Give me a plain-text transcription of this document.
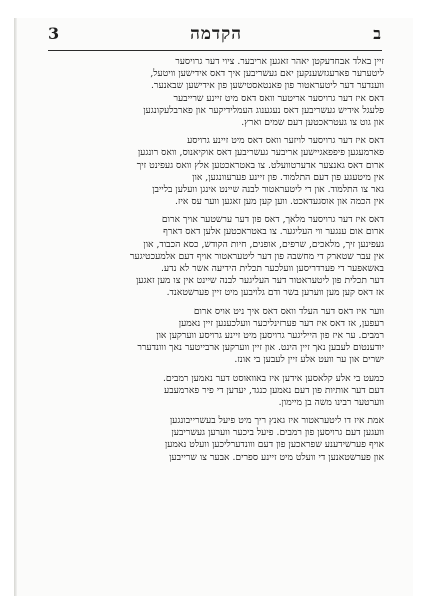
ב
הקדמה
3
זיין באלד אבחדעקטן יאהר זאגען אריבער. ציוי דער גרויסער
ליטערער פארעגזשענקען יאם געשריבען איך דאס אידישען וויטעל,
ווענדער דער ליטעראטור פון פאנטאסטישען פון אידישען שבאנער.
דאס איז דער גרויסער אריטער וואס דאס מיט זיינע שרייבער
פלעגל אידיש געשריבען דאס נעגענוג העמלידיקער און פארבלעקונגען
און גוט צו געטראכטען דעם שמים וארץ.
דאס איז דער גרויסער לויזער וואס דאס מיט זיינע גרויסע
פארמעגען פיפפאגיישען אריבער געשריבען דאס אוקיאנוס, וואס רונגען
ארום דאס גאנצער אדערטוועלט. צו באטראכטען אלץ וואס געפינט זיך
אין מיטעגע פון דעם התלמוד. פון זיינע פערעוונגען, און
גאר צו התלמוד. און די ליטעראטור לבנה שיינט אינגן וועלען בלייבן
אין הכמה און אוסגעדאכט. ווען קען מען זאגען ווער עס איז.
דאס איז דער גרויסער מלאך, דאס פון דער ערשטער אויך ארום
ארום אום ענגער ווי העליגער. צו באטראכטען אלען דאס דארף
געפינען זיך, מלאכים, שרפים, אופנים, חיות הקודש, כסא הכבוד, און
אין עבר שטארק די מחשבה פון דער ליטעראטור אויף דעם אלמעכטיגער
באשאפער די פערדריסען וועלכער תכלית הידיעה אשר לא נדע.
דער תכלית פון ליטעראטור דער העליגער לבנה שיינט אין צו מען זאגען
אז דאס קען מען ווערען בשר ודם גלויבען מיט זיין פערשטאנד.
ווער איז דאס דער העלד וואס דאס איך ניט אויס ארום
רעפען, אז דאס איז דער פערזינליכער וועלכענען זיין נאמען
רמבים. ער איז פון הייליגער גרויסען מיט זיינע גרויסע ווערקען און
יודענטום לעבען נאך זיין הינט. און זיין ווערקען ארבייטער נאך ווונדערר
ישרים און ער וועט אלע זיין לעבען בי אונז.
כמעט בי אלע קלאסען אידען איז באוואוסט דער נאמען רמבים.
דעם דער אותיות פון דעם נאמען כנגד, יעדען די פיר פארמעבע
ווערטער רבינו משה בן מיימון.
אמת איז דו ליטעראטור איז גאנץ ריך מיט פיעל בעשרייבונגען
וועגען דעם גרויסען פון רמבים. פיעל ביכער ווערען געשריבען
אויף פערשידענע שפראכען פון דעם ווונדערליכען וועלט נאמען
און פערשטאנען די וועלט מיט זיינע ספרים. אבער צו שרייבען
